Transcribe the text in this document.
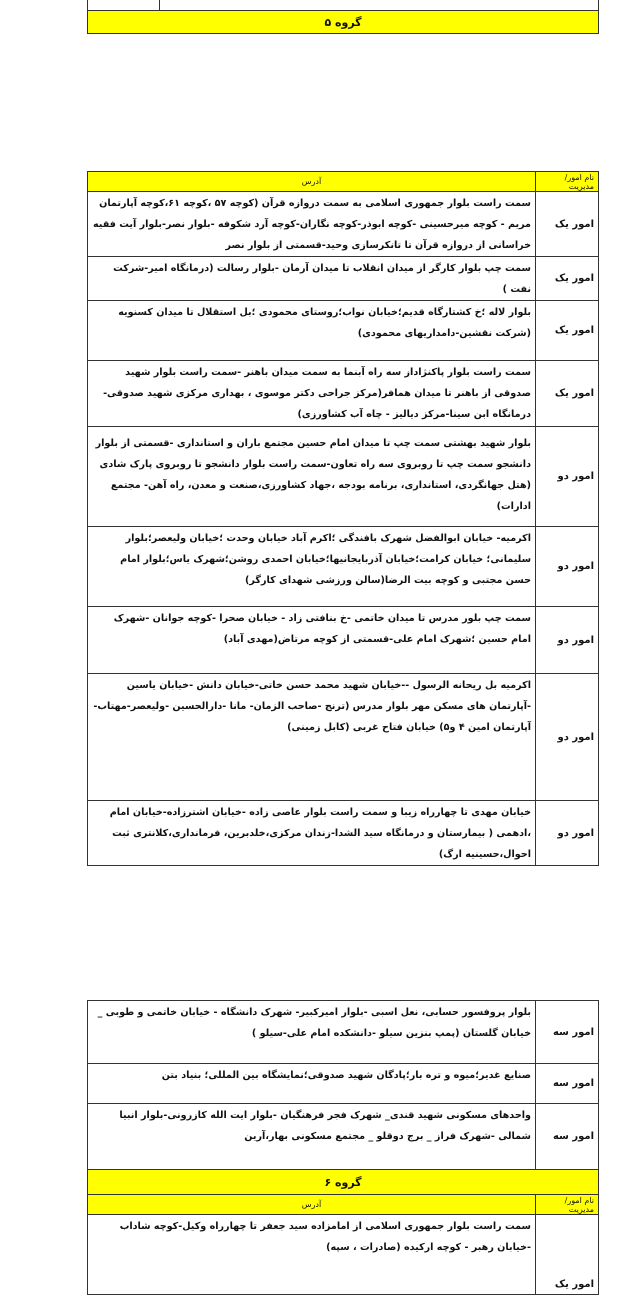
گروه ۵
نام امور/مدیریت	آدرس
امور یک	سمت راست بلوار جمهوری اسلامی به سمت دروازه قرآن (کوچه ۵۷ ،کوچه ۶۱،کوچه آپارتمان مریم - کوچه میرحسینی -کوچه ابوذر-کوچه نگاران-کوچه آرد شکوفه -بلوار نصر-بلوار آیت فقیه خراسانی از دروازه قرآن تا تانکرسازی وحید-قسمتی از بلوار نصر
امور یک	سمت چپ بلوار کارگر از میدان انقلاب تا میدان آرمان -بلوار رسالت (درمانگاه امیر-شرکت نفت )
امور یک	بلوار لاله ؛خ کشتارگاه قدیم؛خیابان نواب؛روستای محمودی ؛بل استقلال تا میدان کسنویه (شرکت نقشین-دامداریهای محمودی)
امور یک	سمت راست بلوار پاکنژاداز سه راه آبنما به سمت میدان باهنر -سمت راست بلوار شهید صدوقی از باهنر تا میدان همافر(مرکز جراحی دکتر موسوی ، بهداری مرکزی شهید صدوقی-درمانگاه ابن سینا-مرکز دیالیز - چاه آب کشاورزی)
امور دو	بلوار شهید بهشتی سمت چپ تا میدان امام حسین مجتمع باران و استانداری -قسمتی از بلوار دانشجو سمت چپ تا روبروی سه راه تعاون-سمت راست بلوار دانشجو تا روبروی پارک شادی (هتل جهانگردی، استانداری، برنامه بودجه ،جهاد کشاورزی،صنعت و معدن، راه آهن- مجتمع ادارات)
امور دو	اکرمیه- خیابان ابوالفضل شهرک بافندگی ؛اکرم آباد خیابان وحدت ؛خیابان ولیعصر؛بلوار سلیمانی؛ خیابان کرامت؛خیابان آذربایجانیها؛خیابان احمدی روشن؛شهرک یاس؛بلوار امام حسن مجتبی و کوچه بیت الرضا(سالن ورزشی شهدای کارگر)
امور دو	سمت چپ بلور مدرس تا میدان خاتمی -خ بنافتی زاد - خیابان صحرا -کوچه جوانان -شهرک امام حسین ؛شهرک امام علی-قسمتی از کوچه مرتاض(مهدی آباد)
امور دو	اکرمیه بل ریحانه الرسول --خیابان شهید محمد حسن خاتی-خیابان دانش -خیابان یاسین -آپارتمان های مسکن مهر بلوار مدرس (ترنج -صاحب الزمان- مانا -دارالحسین -ولیعصر-مهتاب-آپارتمان امین ۴ و۵) خیابان فتاح غربی (کابل زمینی)
امور دو	خیابان مهدی تا چهارراه زیبا و سمت راست بلوار عاصی زاده -خیابان اشترزاده-خیابان امام ،ادهمی ( بیمارستان و درمانگاه سید الشدا-زندان مرکزی،خلدبرین، فرمانداری،کلانتری ثبت احوال،حسینیه ارگ)
امور سه	بلوار پروفسور حسابی، نعل اسبی -بلوار امیرکبیر- شهرک دانشگاه - خیابان خاتمی و طوبی _ خیابان گلستان (پمپ بنزین سیلو -دانشکده امام علی-سیلو )
امور سه	صنایع غدیر؛میوه و تره بار؛پادگان شهید صدوقی؛نمایشگاه بین المللی؛ بنیاد بتن
امور سه	واحدهای مسکونی شهید قندی_ شهرک فجر فرهنگیان -بلوار ایت الله کازرونی-بلوار انبیا شمالی -شهرک فراز _ برج دوقلو _ مجتمع مسکونی بهار،آرین
گروه ۶	
نام امور/مدیریت	آدرس
امور یک	سمت راست بلوار جمهوری اسلامی از امامزاده سید جعفر تا چهارراه وکیل-کوچه شاداب -خیابان رهبر - کوچه ارکیده (صادرات ، سپه)
